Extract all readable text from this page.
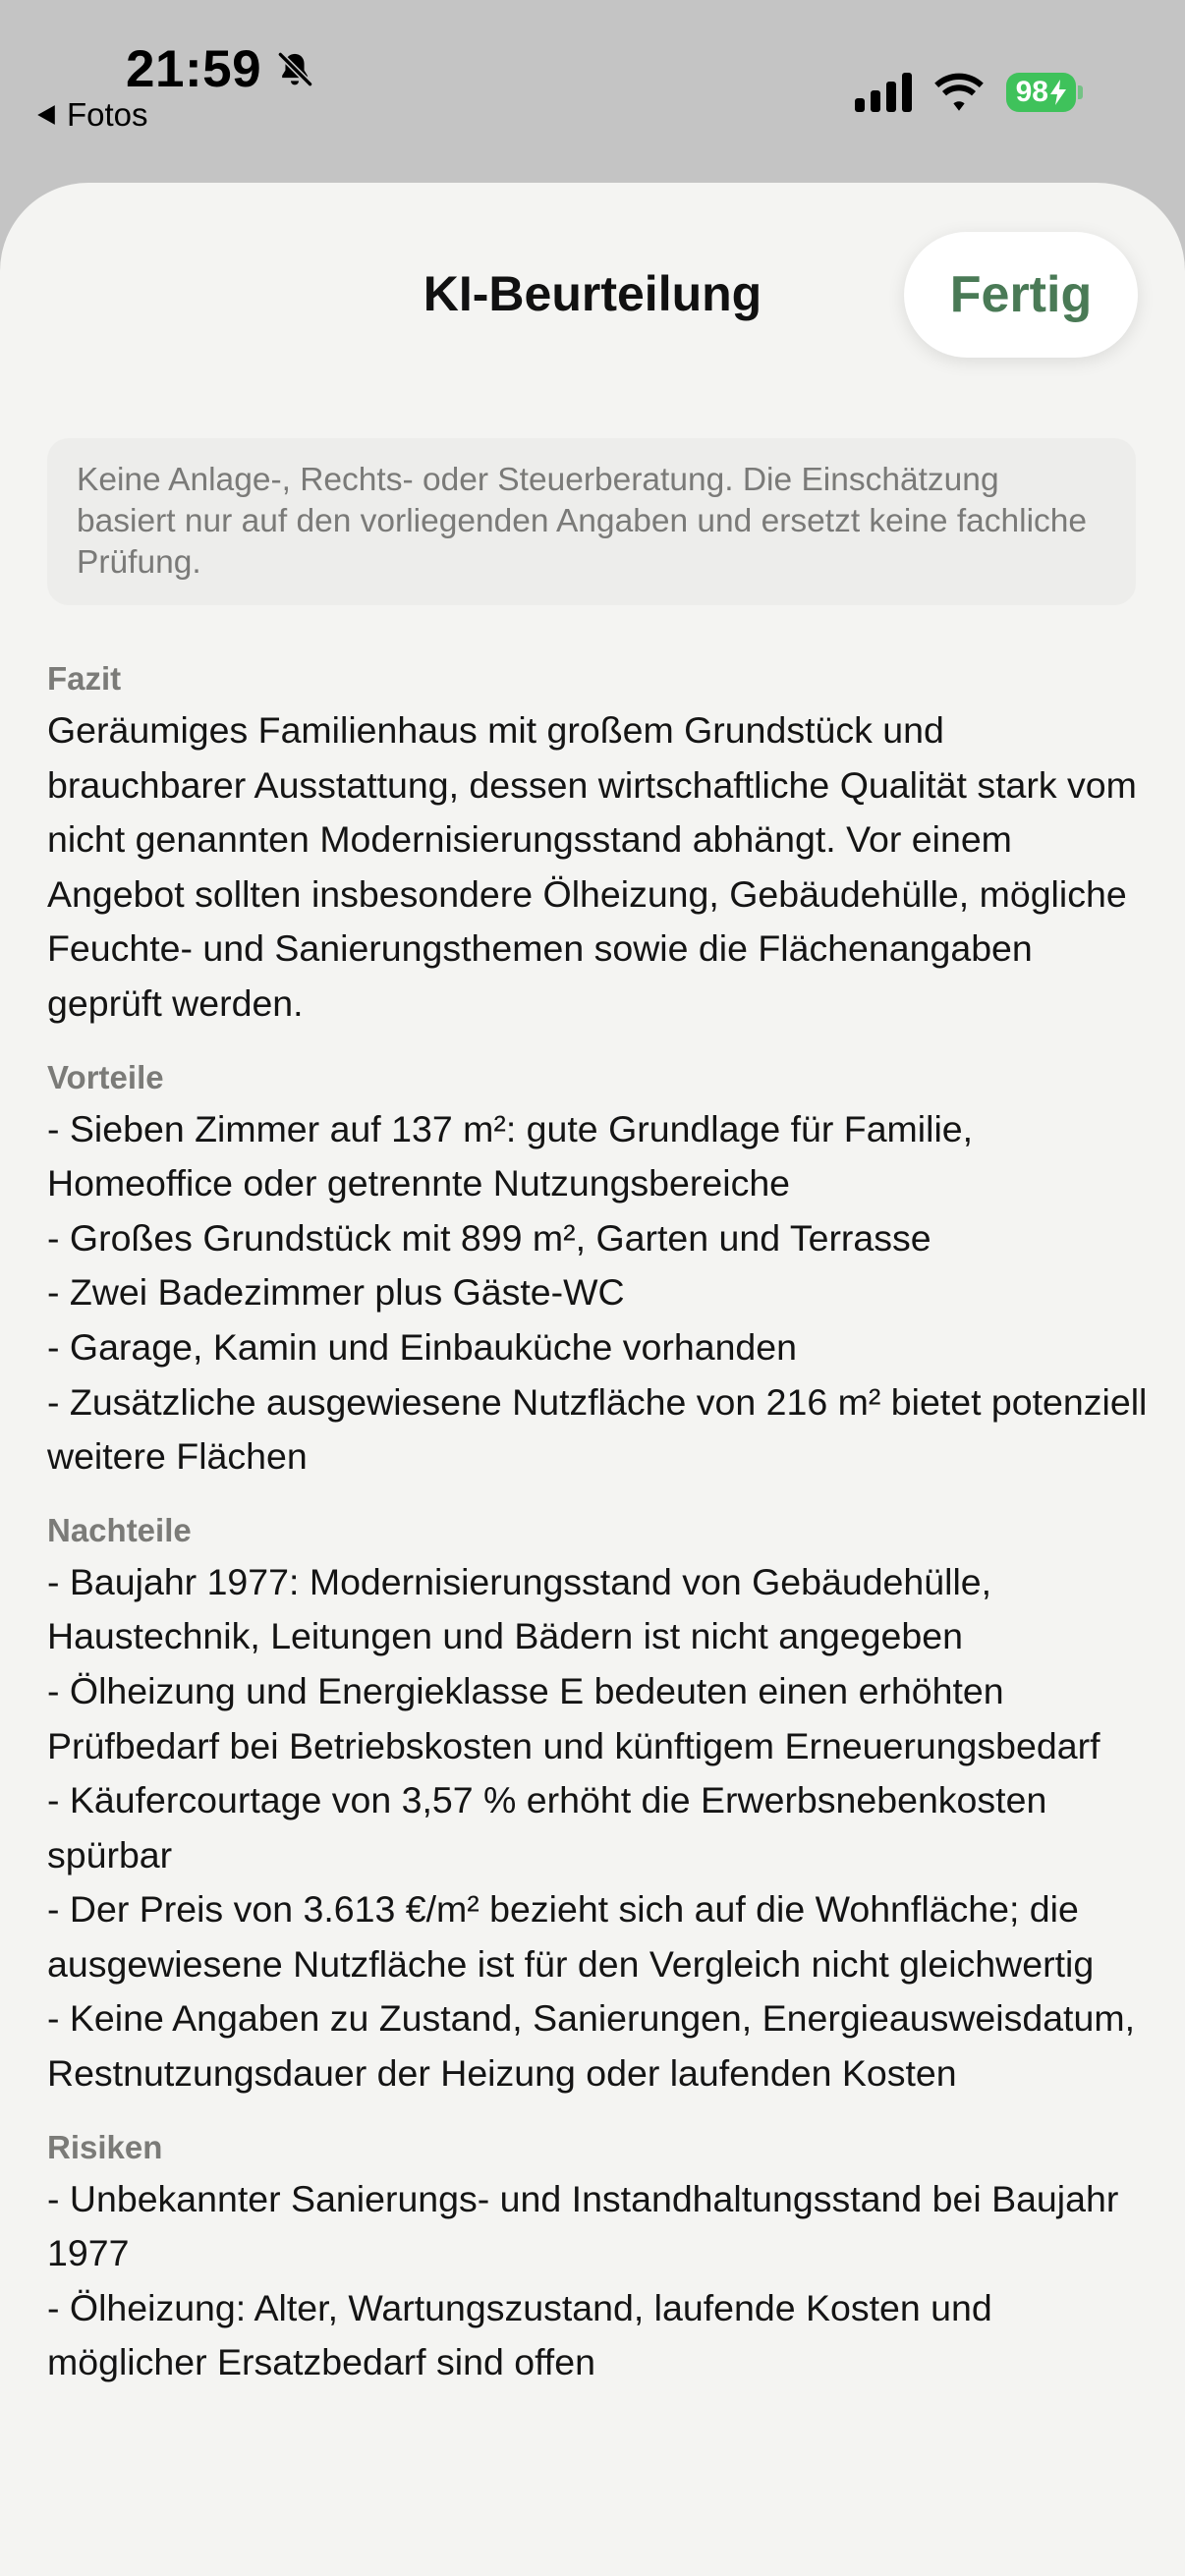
21:59
Fotos
98
KI-Beurteilung	Fertig
Keine Anlage-, Rechts- oder Steuerberatung. Die Einschätzung basiert nur auf den vorliegenden Angaben und ersetzt keine fachliche Prüfung.
Fazit
Geräumiges Familienhaus mit großem Grundstück und brauchbarer Ausstattung, dessen wirtschaftliche Qualität stark vom nicht genannten Modernisierungsstand abhängt. Vor einem Angebot sollten insbesondere Ölheizung, Gebäudehülle, mögliche Feuchte- und Sanierungsthemen sowie die Flächenangaben geprüft werden.
Vorteile
- Sieben Zimmer auf 137 m²: gute Grundlage für Familie, Homeoffice oder getrennte Nutzungsbereiche
- Großes Grundstück mit 899 m², Garten und Terrasse
- Zwei Badezimmer plus Gäste-WC
- Garage, Kamin und Einbauküche vorhanden
- Zusätzliche ausgewiesene Nutzfläche von 216 m² bietet potenziell weitere Flächen
Nachteile
- Baujahr 1977: Modernisierungsstand von Gebäudehülle, Haustechnik, Leitungen und Bädern ist nicht angegeben
- Ölheizung und Energieklasse E bedeuten einen erhöhten Prüfbedarf bei Betriebskosten und künftigem Erneuerungsbedarf
- Käufercourtage von 3,57 % erhöht die Erwerbsnebenkosten spürbar
- Der Preis von 3.613 €/m² bezieht sich auf die Wohnfläche; die ausgewiesene Nutzfläche ist für den Vergleich nicht gleichwertig
- Keine Angaben zu Zustand, Sanierungen, Energieausweisdatum, Restnutzungsdauer der Heizung oder laufenden Kosten
Risiken
- Unbekannter Sanierungs- und Instandhaltungsstand bei Baujahr 1977
- Ölheizung: Alter, Wartungszustand, laufende Kosten und möglicher Ersatzbedarf sind offen
